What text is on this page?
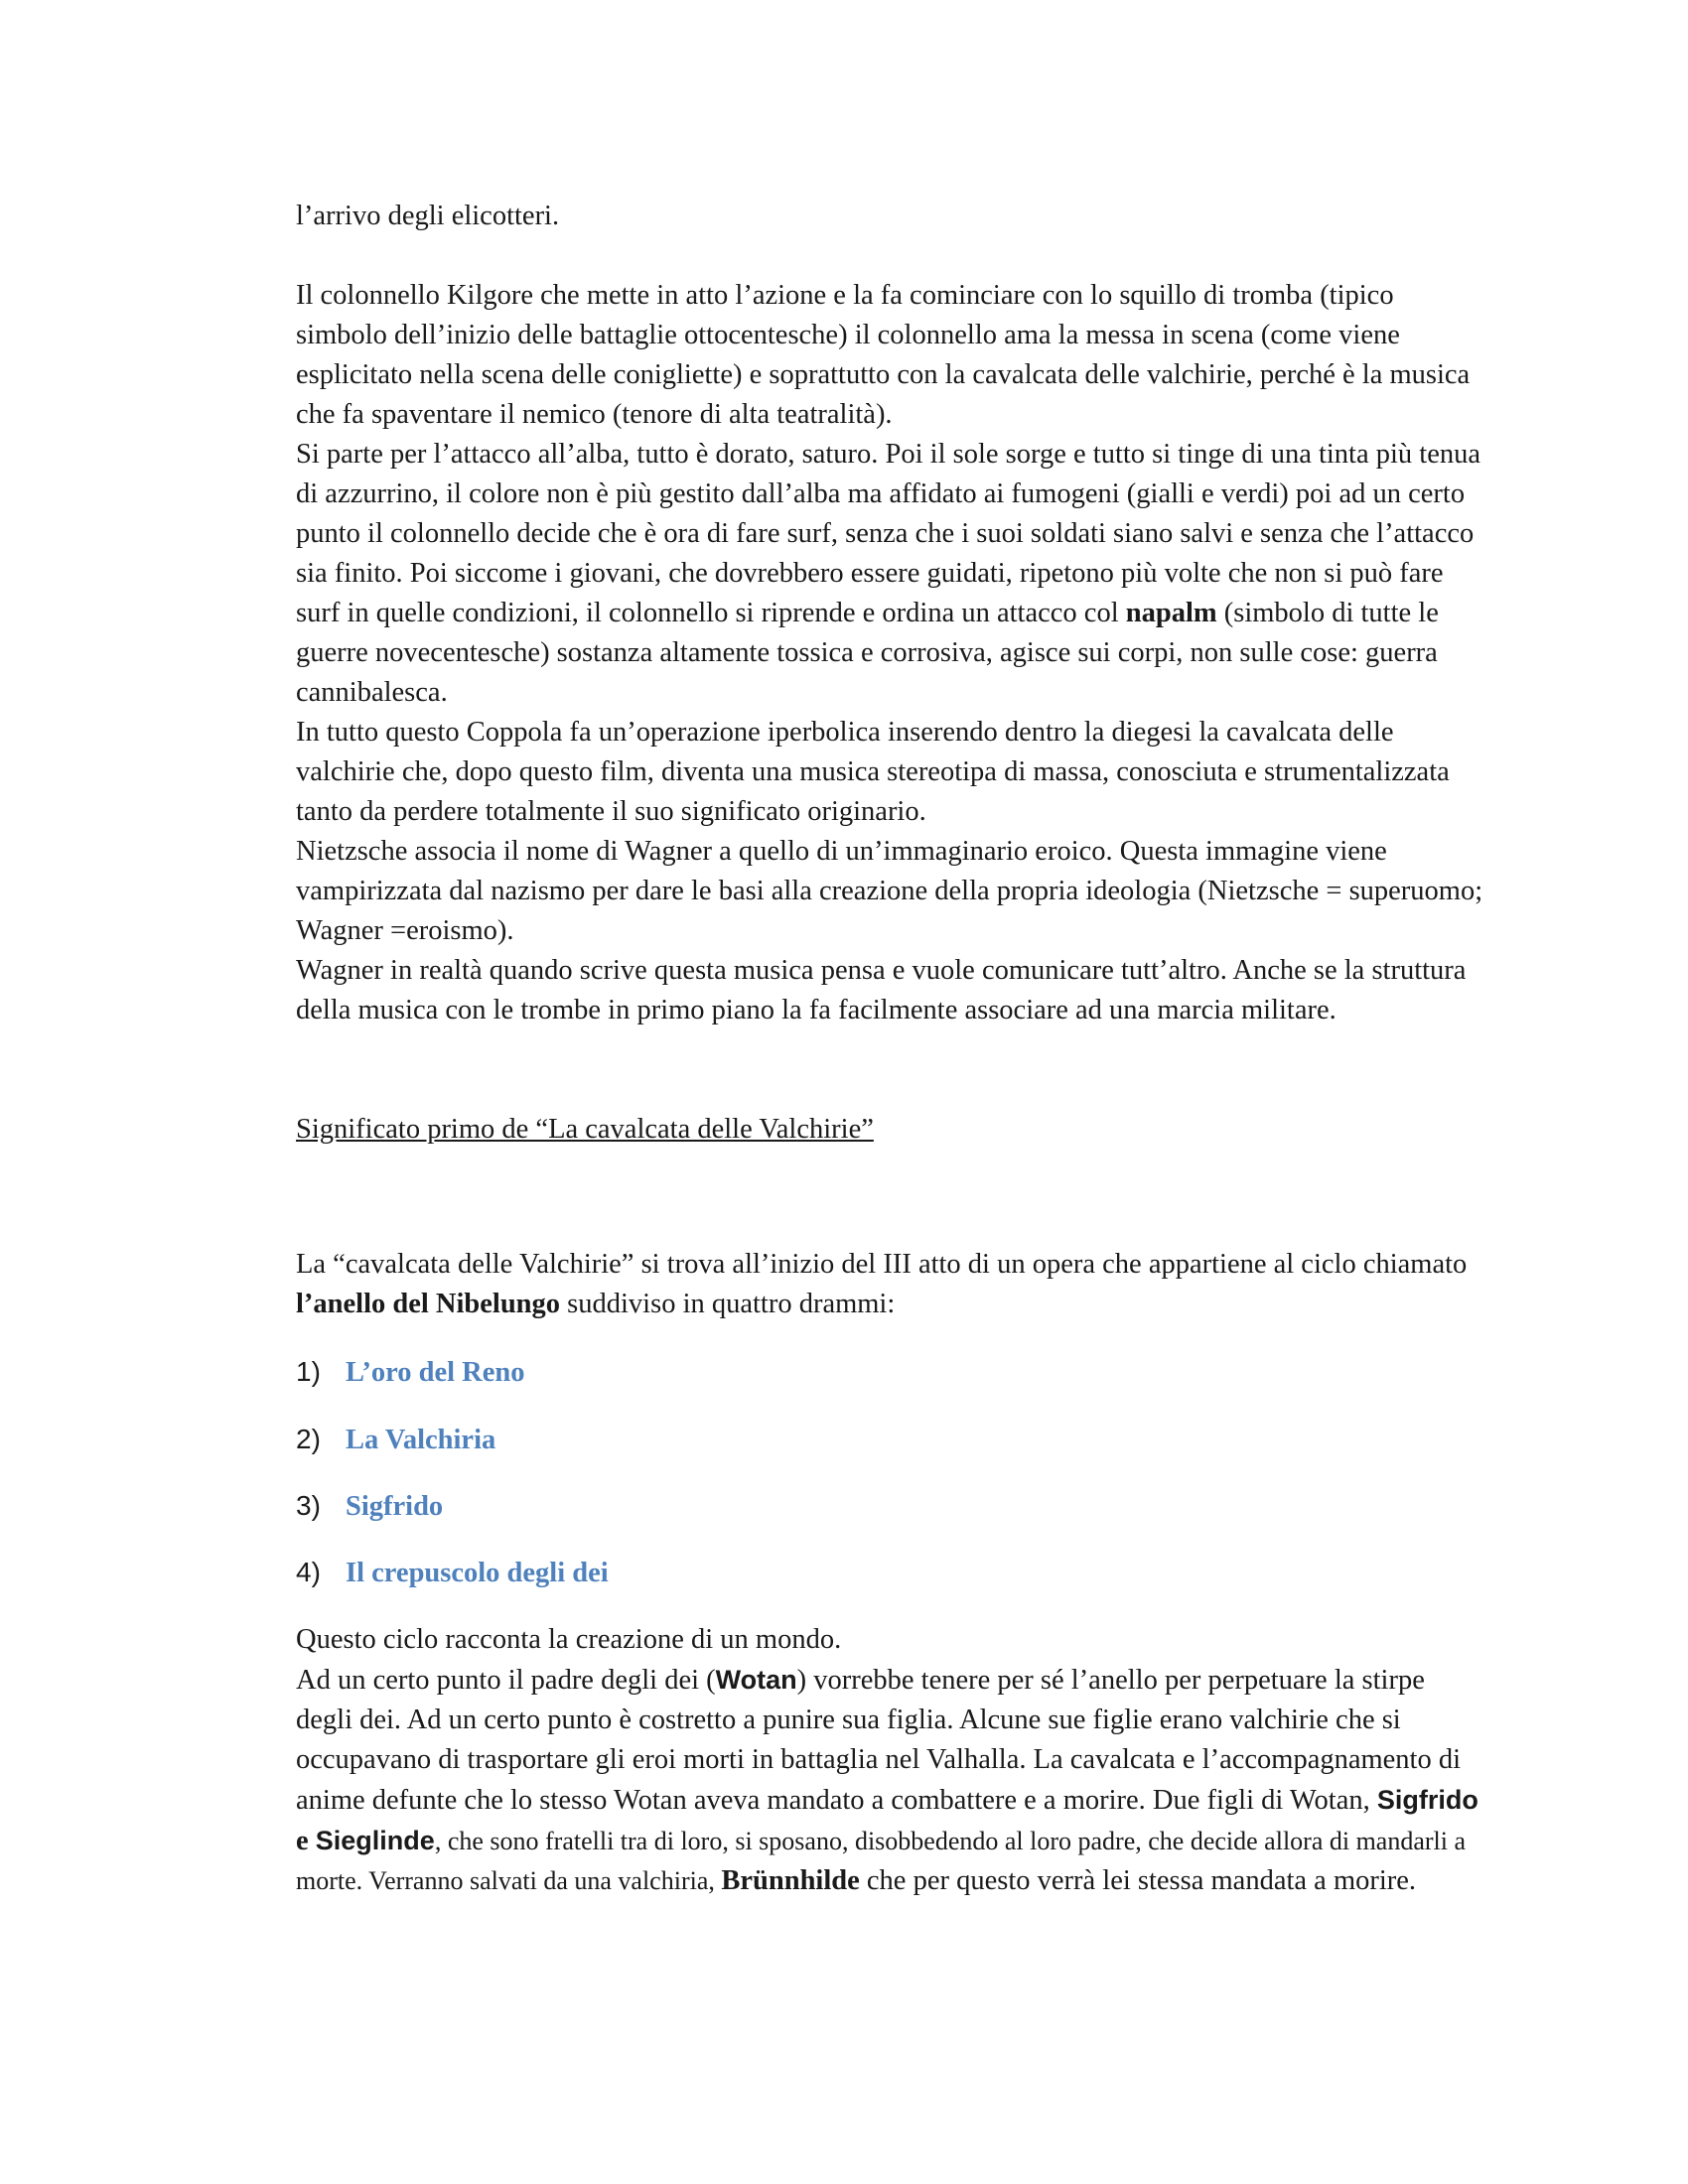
l’arrivo degli elicotteri.

Il colonnello Kilgore che mette in atto l’azione e la fa cominciare con lo squillo di tromba (tipico simbolo dell’inizio delle battaglie ottocentesche) il colonnello ama la messa in scena (come viene esplicitato nella scena delle conigliette) e soprattutto con la cavalcata delle valchirie, perché è la musica che fa spaventare il nemico (tenore di alta teatralità).

Si parte per l’attacco all’alba, tutto è dorato, saturo. Poi il sole sorge e tutto si tinge di una tinta più tenua di azzurrino, il colore non è più gestito dall’alba ma affidato ai fumogeni (gialli e verdi) poi ad un certo punto il colonnello decide che è ora di fare surf, senza che i suoi soldati siano salvi e senza che l’attacco sia finito. Poi siccome i giovani, che dovrebbero essere guidati, ripetono più volte che non si può fare surf in quelle condizioni, il colonnello si riprende e ordina un attacco col napalm (simbolo di tutte le guerre novecentesche) sostanza altamente tossica e corrosiva, agisce sui corpi, non sulle cose: guerra cannibalesca.

In tutto questo Coppola fa un’operazione iperbolica inserendo dentro la diegesi la cavalcata delle valchirie che, dopo questo film, diventa una musica stereotipa di massa, conosciuta e strumentalizzata tanto da perdere totalmente il suo significato originario.

Nietzsche associa il nome di Wagner a quello di un’immaginario eroico. Questa immagine viene vampirizzata dal nazismo per dare le basi alla creazione della propria ideologia (Nietzsche = superuomo; Wagner =eroismo).

Wagner in realtà quando scrive questa musica pensa e vuole comunicare tutt’altro. Anche se la struttura della musica con le trombe in primo piano la fa facilmente associare ad una marcia militare.

Significato primo de “La cavalcata delle Valchirie”

La “cavalcata delle Valchirie” si trova all’inizio del III atto di un opera che appartiene al ciclo chiamato l’anello del Nibelungo suddiviso in quattro drammi:

1) L’oro del Reno
2) La Valchiria
3) Sigfrido
4) Il crepuscolo degli dei

Questo ciclo racconta la creazione di un mondo.

Ad un certo punto il padre degli dei (Wotan) vorrebbe tenere per sé l’anello per perpetuare la stirpe degli dei. Ad un certo punto è costretto a punire sua figlia. Alcune sue figlie erano valchirie che si occupavano di trasportare gli eroi morti in battaglia nel Valhalla. La cavalcata e l’accompagnamento di anime defunte che lo stesso Wotan aveva mandato a combattere e a morire. Due figli di Wotan, Sigfrido e Sieglinde, che sono fratelli tra di loro, si sposano, disobbedendo al loro padre, che decide allora di mandarli a morte. Verranno salvati da una valchiria, Brünnhilde che per questo verrà lei stessa mandata a morire.
